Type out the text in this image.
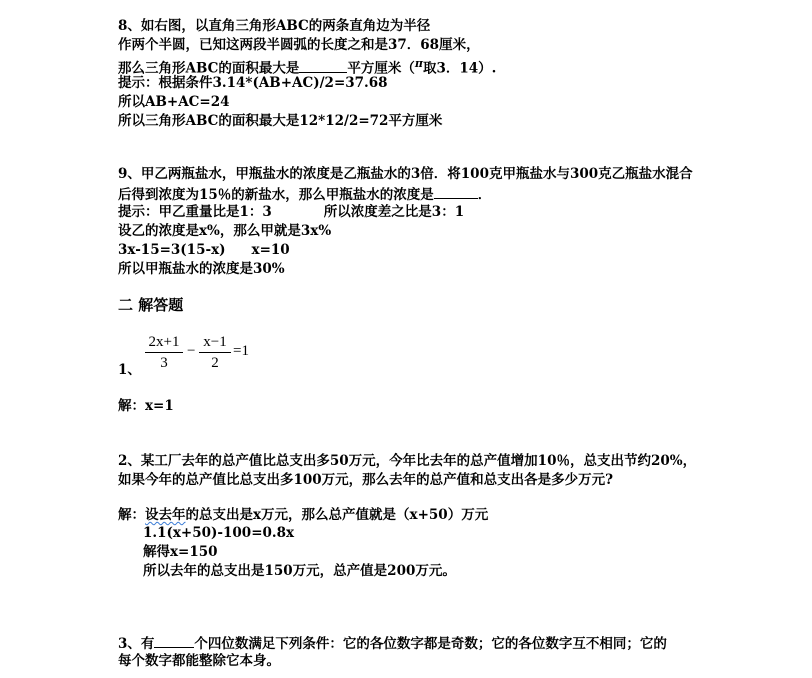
8、如右图，以直角三角形ABC的两条直角边为半径
作两个半圆，已知这两段半圆弧的长度之和是37．68厘米，
那么三角形ABC的面积最大是	平方厘米（$^\pi$取3．14）.
提示：根据条件3.14*(AB+AC)/2=37.68
所以AB+AC=24
所以三角形ABC的面积最大是12*12/2=72平方厘米
9、甲乙两瓶盐水，甲瓶盐水的浓度是乙瓶盐水的3倍．将100克甲瓶盐水与300克乙瓶盐水混合
后得到浓度为15％的新盐水，那么甲瓶盐水的浓度是	．
提示：甲乙重量比是1：3	所以浓度差之比是3：1
设乙的浓度是x%，那么甲就是3x%
3x-15=3(15-x) x=10
所以甲瓶盐水的浓度是30%
二 解答题
2x+1
3
−
x−1
2
=1
1、
解：x=1
2、某工厂去年的总产值比总支出多50万元，今年比去年的总产值增加10％，总支出节约20%，
如果今年的总产值比总支出多100万元，那么去年的总产值和总支出各是多少万元?
解：设去年的总支出是x万元，那么总产值就是（x+50）万元
1.1(x+50)-100=0.8x
解得x=150
所以去年的总支出是150万元，总产值是200万元。
3、有	个四位数满足下列条件：它的各位数字都是奇数；它的各位数字互不相同；它的
每个数字都能整除它本身。
